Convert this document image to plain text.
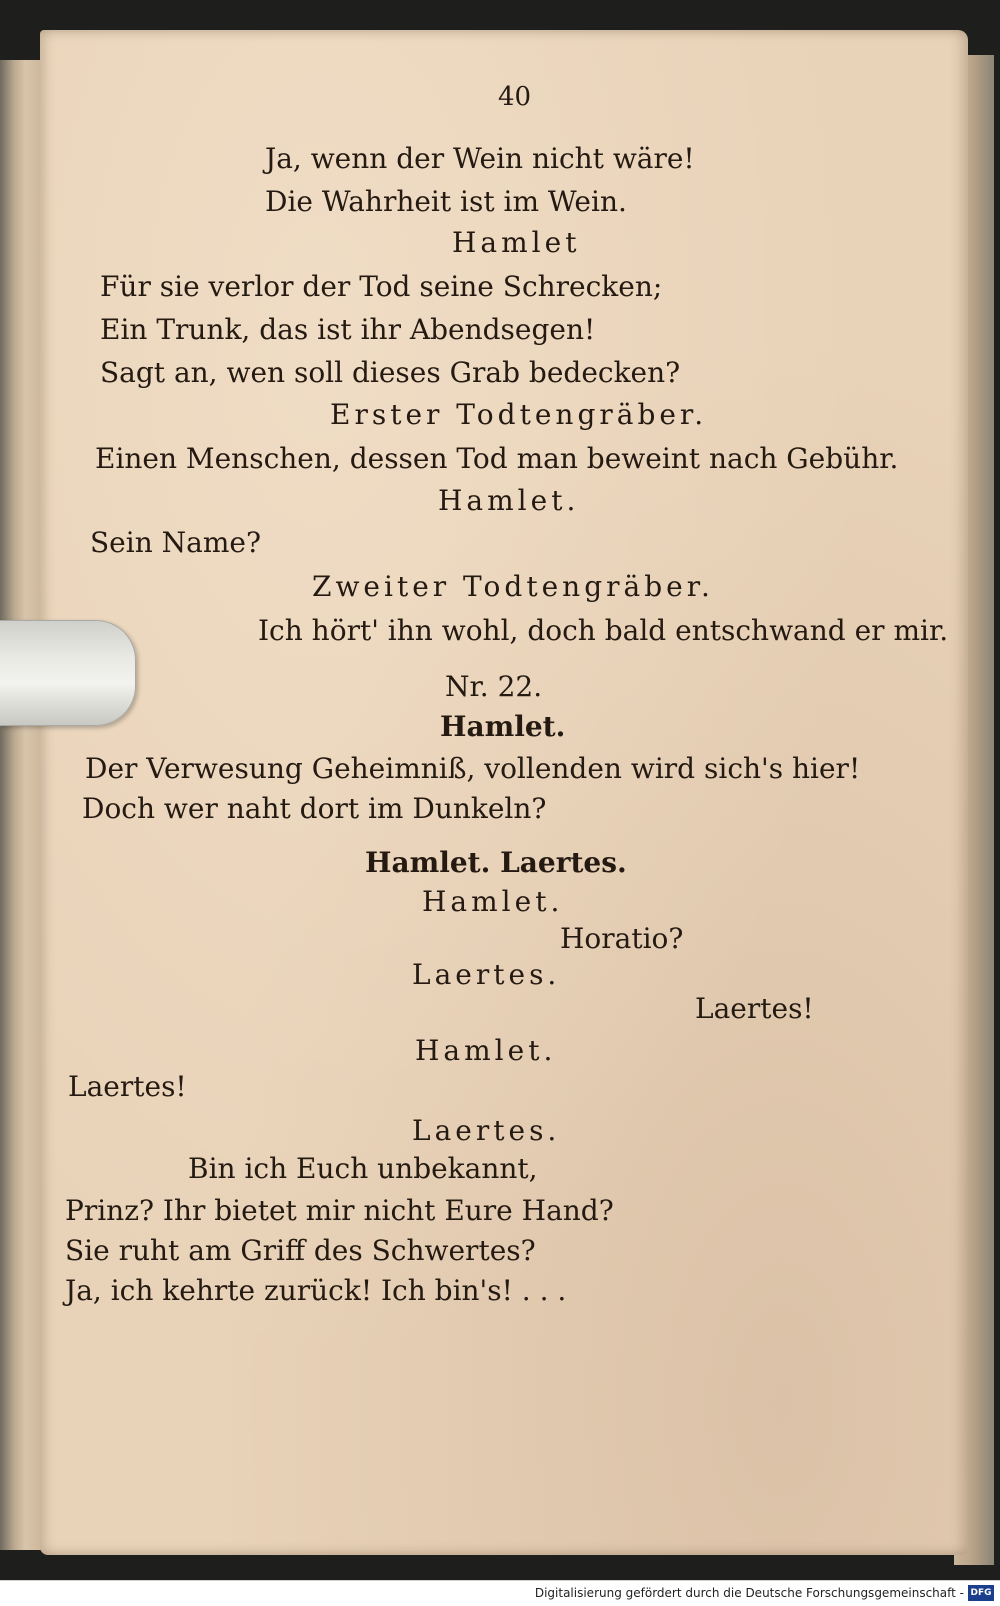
40
Ja, wenn der Wein nicht wäre!
Die Wahrheit ist im Wein.
Hamlet
Für sie verlor der Tod seine Schrecken;
Ein Trunk, das ist ihr Abendsegen!
Sagt an, wen soll dieses Grab bedecken?
Erster Todtengräber.
Einen Menschen, dessen Tod man beweint nach Gebühr.
Hamlet.
Sein Name?
Zweiter Todtengräber.
Ich hört' ihn wohl, doch bald entschwand er mir.
Nr. 22.
Hamlet.
Der Verwesung Geheimniß, vollenden wird sich's hier!
Doch wer naht dort im Dunkeln?
Hamlet. Laertes.
Hamlet.
Horatio?
Laertes.
Laertes!
Hamlet.
Laertes!
Laertes.
Bin ich Euch unbekannt,
Prinz? Ihr bietet mir nicht Eure Hand?
Sie ruht am Griff des Schwertes?
Ja, ich kehrte zurück! Ich bin's! . . .
Digitalisierung gefördert durch die Deutsche Forschungsgemeinschaft - DFG
